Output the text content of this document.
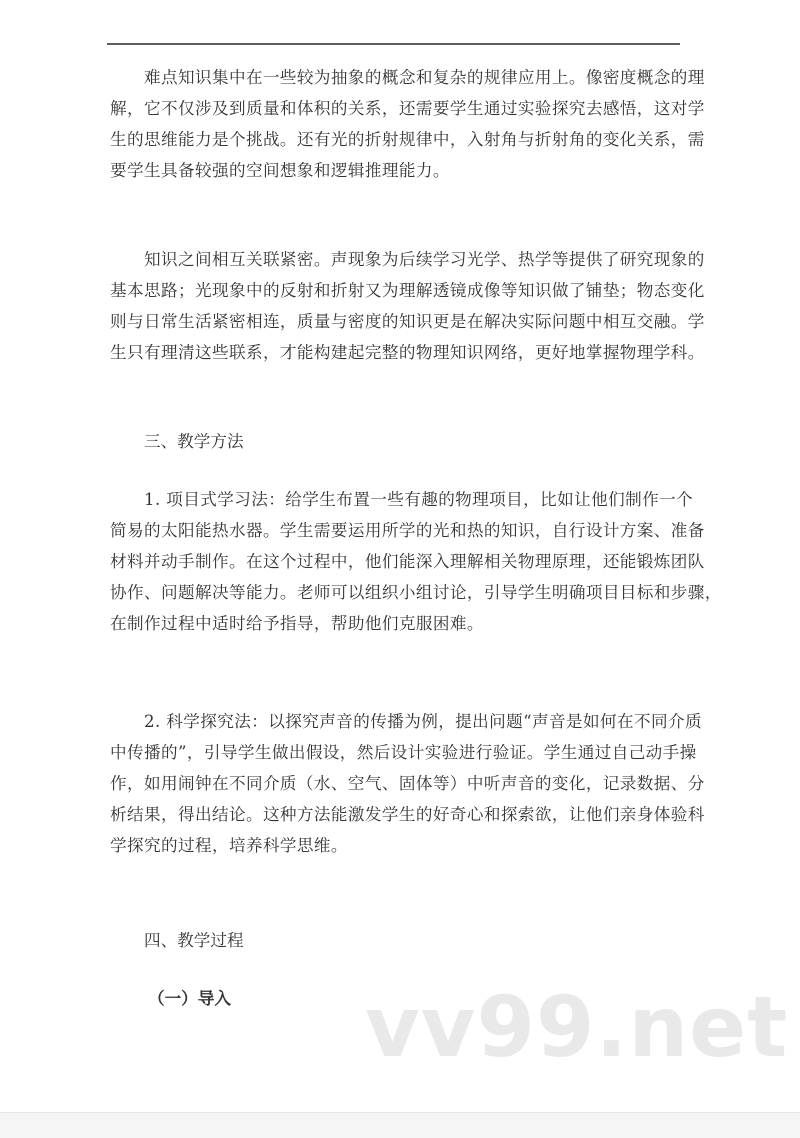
　　难点知识集中在一些较为抽象的概念和复杂的规律应用上。像密度概念的理
解，它不仅涉及到质量和体积的关系，还需要学生通过实验探究去感悟，这对学
生的思维能力是个挑战。还有光的折射规律中，入射角与折射角的变化关系，需
要学生具备较强的空间想象和逻辑推理能力。

　　知识之间相互关联紧密。声现象为后续学习光学、热学等提供了研究现象的
基本思路；光现象中的反射和折射又为理解透镜成像等知识做了铺垫；物态变化
则与日常生活紧密相连，质量与密度的知识更是在解决实际问题中相互交融。学
生只有理清这些联系，才能构建起完整的物理知识网络，更好地掌握物理学科。

三、教学方法

　　1. 项目式学习法：给学生布置一些有趣的物理项目，比如让他们制作一个
简易的太阳能热水器。学生需要运用所学的光和热的知识，自行设计方案、准备
材料并动手制作。在这个过程中，他们能深入理解相关物理原理，还能锻炼团队
协作、问题解决等能力。老师可以组织小组讨论，引导学生明确项目目标和步骤，
在制作过程中适时给予指导，帮助他们克服困难。

　　2. 科学探究法：以探究声音的传播为例，提出问题“声音是如何在不同介质
中传播的”，引导学生做出假设，然后设计实验进行验证。学生通过自己动手操
作，如用闹钟在不同介质（水、空气、固体等）中听声音的变化，记录数据、分
析结果，得出结论。这种方法能激发学生的好奇心和探索欲，让他们亲身体验科
学探究的过程，培养科学思维。

四、教学过程
（一）导入 vv99.net
